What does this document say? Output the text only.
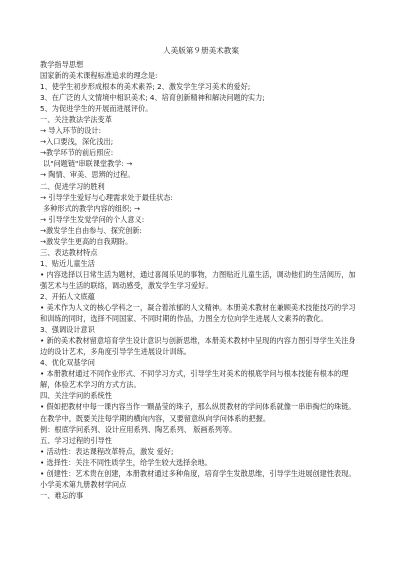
人美版第９册美术教案
教学指导思想
国家新的美术课程标准追求的理念是:
1、使学生初步形成根本的美术素养; 2、激发学生学习美术的爱好;
3、在广泛的人文情境中相识美术; 4、培育创新精神和解决问题的实力;
5、为促进学生的开展而进展评价。
一、关注教法学法变革
→ 导入环节的设计:
→入口要浅，深化浅出;
→教学环节的前后照应:
以"问题链"串联课堂教学: →
→ 陶情、审美、思辨的过程。
二、促进学习的胜利
→ 引导学生爱好与心理需求处于最佳状态:
多种形式的教学内容的组织; →
→ 引导学生发觉学问的个人意义:
→激发学生自由参与、探究创新:
→激发学生更高的自我期盼。
三、表达教材特点
1、贴近儿童生活
• 内容选择以日常生活为题材，通过喜闻乐见的事物，力图贴近儿童生活，调动他们的生活阅历，加强艺术与生活的联络，调动感受，激发学生学习爱好。
2、开拓人文底蕴
• 美术作为人文的核心学科之一，凝合着浓郁的人文精神。本册美术教材在兼顾美术技能技巧的学习和训练的同时，选择不同国家、不同时期的作品，力图全方位向学生进展人文素养的教化。
3、强调设计意识
• 新的美术教材留意培育学生设计意识与创新思维，本册美术教材中呈现的内容力图引导学生关注身边的设计艺术，多角度引导学生进展设计训练。
4、优化双基学问
• 本册教材通过不同作业形式、不同学习方式，引导学生对美术的根底学问与根本技能有根本的理解，体验艺术学习的方式方法。
四、关注学问的系统性
• 假如把教材中每一课内容当作一颗晶莹的珠子，那么纵贯教材的学问体系就像一串串掏烂的珠链。在教学中，既要关注每学期的横向内容，又要留意纵向学问体系的把握。
例：根底学问系列、设计应用系列、陶艺系列、 版画系列等。
五、学习过程的引导性
• 活动性：表达课程改革特点，激发 爱好;
• 选择性：关注不同性质学生，给学生较大选择余地。
• 创建性：艺术贵在创建，本册教材通过多种角度，培育学生发散思维，引导学生进展创建性表现。
小学美术第九册教材学问点
一、难忘的事
